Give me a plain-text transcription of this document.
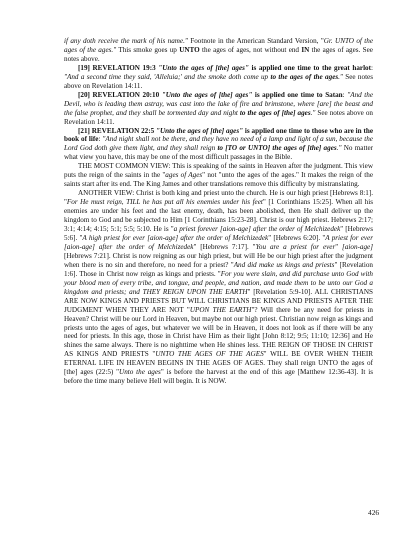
if any doth receive the mark of his name." Footnote in the American Standard Version, "Gr. UNTO of the ages of the ages." This smoke goes up UNTO the ages of ages, not without end IN the ages of ages. See notes above.

[19] REVELATION 19:3 "Unto the ages of [the] ages" is applied one time to the great harlot: "And a second time they said, 'Alleluia;' and the smoke doth come up to the ages of the ages." See notes above on Revelation 14:11.

[20] REVELATION 20:10 "Unto the ages of [the] ages" is applied one time to Satan: "And the Devil, who is leading them astray, was cast into the lake of fire and brimstone, where [are] the beast and the false prophet, and they shall be tormented day and night to the ages of [the] ages." See notes above on Revelation 14:11.

[21] REVELATION 22:5 "Unto the ages of [the] ages" is applied one time to those who are in the book of life: "And night shall not be there, and they have no need of a lamp and light of a sun, because the Lord God doth give them light, and they shall reign to [TO or UNTO] the ages of [the] ages." No matter what view you have, this may be one of the most difficult passages in the Bible.

THE MOST COMMON VIEW: This is speaking of the saints in Heaven after the judgment. This view puts the reign of the saints in the "ages of Ages" not "unto the ages of the ages." It makes the reign of the saints start after its end. The King James and other translations remove this difficulty by mistranslating.

ANOTHER VIEW: Christ is both king and priest unto the church. He is our high priest [Hebrews 8:1]. "For He must reign, TILL he has put all his enemies under his feet" [1 Corinthians 15:25]. When all his enemies are under his feet and the last enemy, death, has been abolished, then He shall deliver up the kingdom to God and be subjected to Him [1 Corinthians 15:23-28]. Christ is our high priest. Hebrews 2:17; 3:1; 4:14; 4:15; 5:1; 5:5; 5:10. He is "a priest forever [aion-age] after the order of Melchizedek" [Hebrews 5:6]. "A high priest for ever [aion-age] after the order of Melchizedek" [Hebrews 6:20]. "A priest for ever [aion-age] after the order of Melchizedek" [Hebrews 7:17]. "You are a priest for ever" [aion-age] [Hebrews 7:21]. Christ is now reigning as our high priest, but will He be our high priest after the judgment when there is no sin and therefore, no need for a priest? "And did make us kings and priests" [Revelation 1:6]. Those in Christ now reign as kings and priests. "For you were slain, and did purchase unto God with your blood men of every tribe, and tongue, and people, and nation, and made them to be unto our God a kingdom and priests; and THEY REIGN UPON THE EARTH" [Revelation 5:9-10]. ALL CHRISTIANS ARE NOW KINGS AND PRIESTS BUT WILL CHRISTIANS BE KINGS AND PRIESTS AFTER THE JUDGMENT WHEN THEY ARE NOT "UPON THE EARTH"? Will there be any need for priests in Heaven? Christ will be our Lord in Heaven, but maybe not our high priest. Christian now reign as kings and priests unto the ages of ages, but whatever we will be in Heaven, it does not look as if there will be any need for priests. In this age, those in Christ have Him as their light [John 8:12; 9:5; 11:10; 12:36] and He shines the same always. There is no nighttime when He shines less. THE REIGN OF THOSE IN CHRIST AS KINGS AND PRIESTS "UNTO THE AGES OF THE AGES" WILL BE OVER WHEN THEIR ETERNAL LIFE IN HEAVEN BEGINS IN THE AGES OF AGES. They shall reign UNTO the ages of [the] ages (22:5) "Unto the ages" is before the harvest at the end of this age [Matthew 12:36-43]. It is before the time many believe Hell will begin. It is NOW.

426
